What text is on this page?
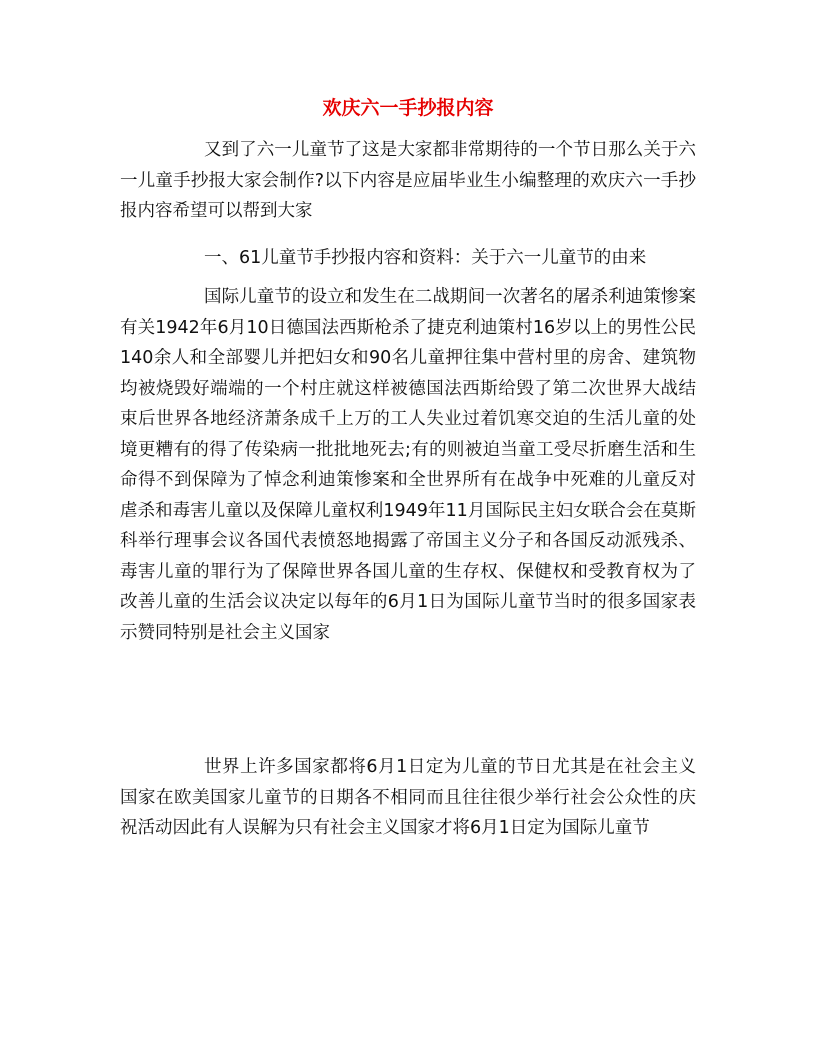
欢庆六一手抄报内容

又到了六一儿童节了这是大家都非常期待的一个节日那么关于六一儿童手抄报大家会制作?以下内容是应届毕业生小编整理的欢庆六一手抄报内容希望可以帮到大家

一、61儿童节手抄报内容和资料：关于六一儿童节的由来

国际儿童节的设立和发生在二战期间一次著名的屠杀利迪策惨案有关1942年6月10日德国法西斯枪杀了捷克利迪策村16岁以上的男性公民140余人和全部婴儿并把妇女和90名儿童押往集中营村里的房舍、建筑物均被烧毁好端端的一个村庄就这样被德国法西斯给毁了第二次世界大战结束后世界各地经济萧条成千上万的工人失业过着饥寒交迫的生活儿童的处境更糟有的得了传染病一批批地死去;有的则被迫当童工受尽折磨生活和生命得不到保障为了悼念利迪策惨案和全世界所有在战争中死难的儿童反对虐杀和毒害儿童以及保障儿童权利1949年11月国际民主妇女联合会在莫斯科举行理事会议各国代表愤怒地揭露了帝国主义分子和各国反动派残杀、毒害儿童的罪行为了保障世界各国儿童的生存权、保健权和受教育权为了改善儿童的生活会议决定以每年的6月1日为国际儿童节当时的很多国家表示赞同特别是社会主义国家

世界上许多国家都将6月1日定为儿童的节日尤其是在社会主义国家在欧美国家儿童节的日期各不相同而且往往很少举行社会公众性的庆祝活动因此有人误解为只有社会主义国家才将6月1日定为国际儿童节
